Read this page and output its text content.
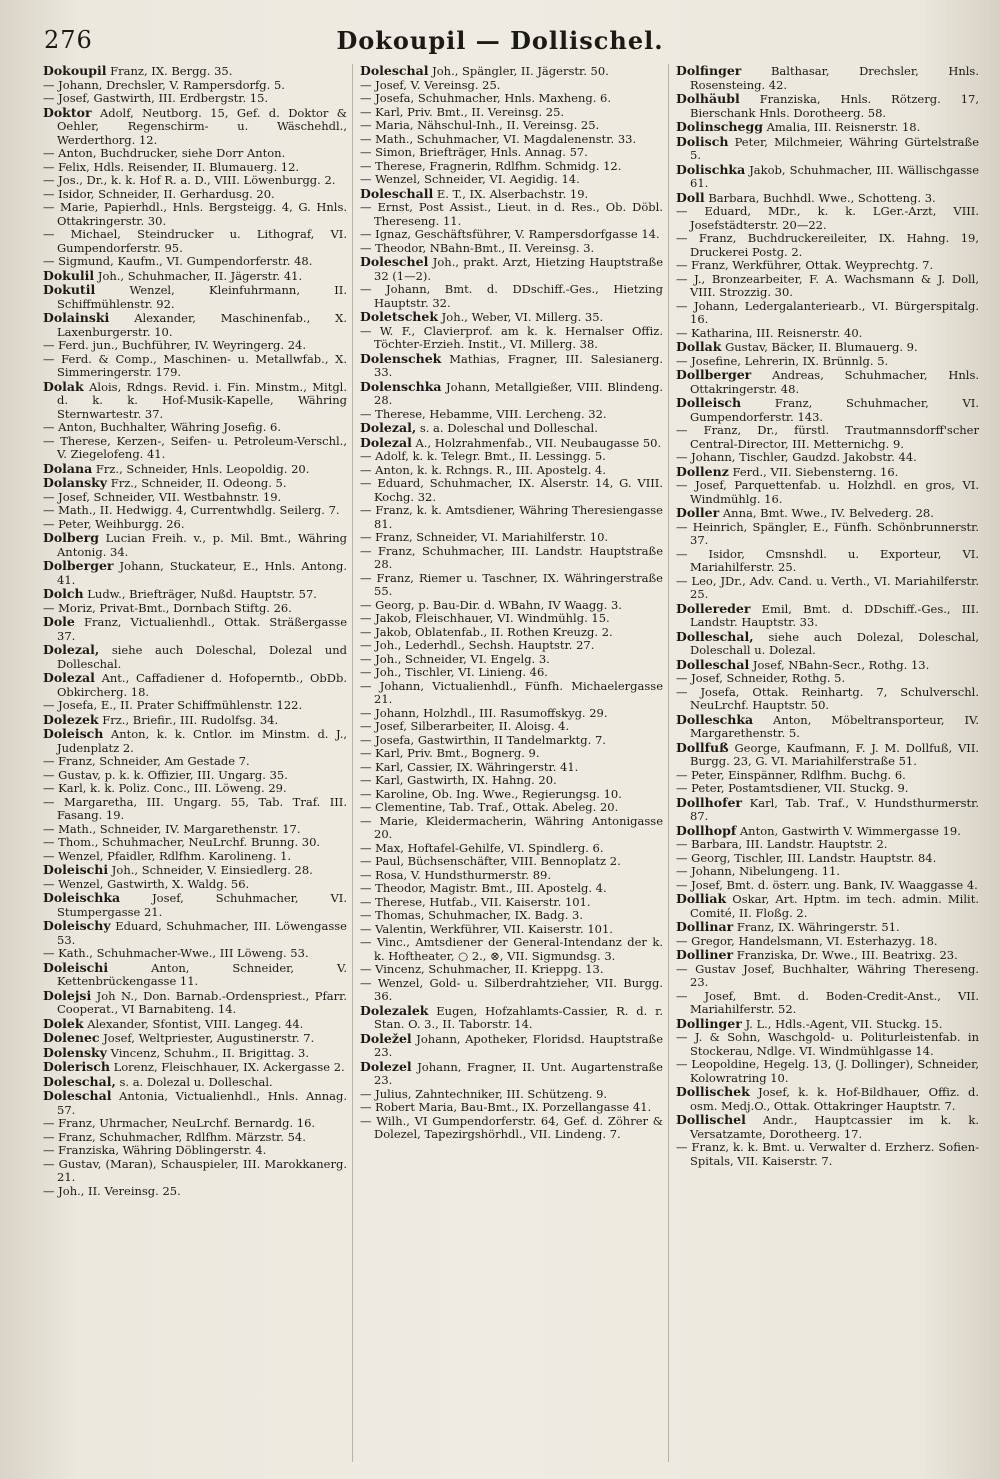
276	Dokoupil — Dollischel.
Dokoupil Franz, IX. Bergg. 35.
— Johann, Drechsler, V. Rampersdorfg. 5.
— Josef, Gastwirth, III. Erdbergstr. 15.
Doktor Adolf, Neutborg. 15, Gef. d. Doktor & Oehler, Regenschirm- u. Wäschehdl., Werderthorg. 12.
— Anton, Buchdrucker, siehe Dorr Anton.
— Felix, Hdls. Reisender, II. Blumauerg. 12.
— Jos., Dr., k. k. Hof R. a. D., VIII. Löwenburgg. 2.
— Isidor, Schneider, II. Gerhardusg. 20.
— Marie, Papierhdl., Hnls. Bergsteigg. 4, G. Hnls. Ottakringerstr. 30.
— Michael, Steindrucker u. Lithograf, VI. Gumpendorferstr. 95.
— Sigmund, Kaufm., VI. Gumpendorferstr. 48.
Dokulil Joh., Schuhmacher, II. Jägerstr. 41.
Dokutil	Wenzel, Kleinfuhrmann, II. Schiffmühlenstr. 92.
Dolainski Alexander, Maschinenfab., X. Laxenburgerstr. 10.
— Ferd. jun., Buchführer, IV. Weyringerg. 24.
— Ferd. & Comp., Maschinen- u. Metallwfab., X. Simmeringerstr. 179.
Dolak Alois, Rdngs. Revid. i. Fin. Minstm., Mitgl. d. k. k. Hof-Musik-Kapelle, Währing Sternwartestr. 37.
— Anton, Buchhalter, Währing Josefig. 6.
— Therese, Kerzen-, Seifen- u. Petroleum-Verschl., V. Ziegelofeng. 41.
Dolana Frz., Schneider, Hnls. Leopoldig. 20.
Dolansky Frz., Schneider, II. Odeong. 5.
— Josef, Schneider, VII. Westbahnstr. 19.
— Math., II. Hedwigg. 4, Currentwhdlg. Seilerg. 7.
— Peter, Weihburgg. 26.
Dolberg Lucian Freih. v., p. Mil. Bmt., Währing Antonig. 34.
Dolberger Johann, Stuckateur, E., Hnls. Antong. 41.
Dolch Ludw., Briefträger, Nußd. Hauptstr. 57.
— Moriz, Privat-Bmt., Dornbach Stiftg. 26.
Dole Franz, Victualienhdl., Ottak. Sträßergasse 37.
Dolezal, siehe auch Doleschal, Dolezal und Dolleschal.
Dolezal Ant., Caffadiener d. Hofoperntb., ObDb. Obkircherg. 18.
— Josefa, E., II. Prater Schiffmühlenstr. 122.
Dolezek Frz., Briefir., III. Rudolfsg. 34.
Doleisch Anton, k. k. Cntlor. im Minstm. d. J., Judenplatz 2.
— Franz, Schneider, Am Gestade 7.
— Gustav, p. k. k. Offizier, III. Ungarg. 35.
— Karl, k. k. Poliz. Conc., III. Löweng. 29.
— Margaretha, III. Ungarg. 55, Tab. Traf. III. Fasang. 19.
— Math., Schneider, IV. Margarethenstr. 17.
— Thom., Schuhmacher, NeuLrchf. Brunng. 30.
— Wenzel, Pfaidler, Rdlfhm. Karolineng. 1.
Doleischi Joh., Schneider, V. Einsiedlerg. 28.
— Wenzel, Gastwirth, X. Waldg. 56.
Doleischka	Josef, Schuhmacher, VI. Stumpergasse 21.
Doleischy Eduard, Schuhmacher, III. Löwengasse 53.
— Kath., Schuhmacher-Wwe., III Löweng. 53.
Doleischi	Anton, Schneider, V. Kettenbrückengasse 11.
Dolejsi Joh N., Don. Barnab.-Ordenspriest., Pfarr. Cooperat., VI Barnabiteng. 14.
Dolek Alexander, Sfontist, VIII. Langeg. 44.
Dolenec Josef, Weltpriester, Augustinerstr. 7.
Dolensky Vincenz, Schuhm., II. Brigittag. 3.
Dolerisch Lorenz, Fleischhauer, IX. Ackergasse 2.
Doleschal, s. a. Dolezal u. Dolleschal.
Doleschal Antonia, Victualienhdl., Hnls. Annag. 57.
— Franz, Uhrmacher, NeuLrchf. Bernardg. 16.
— Franz, Schuhmacher, Rdlfhm. Märzstr. 54.
— Franziska, Währing Döblingerstr. 4.
— Gustav, (Maran), Schauspieler, III. Marokkanerg. 21.
— Joh., II. Vereinsg. 25.
Doleschal Joh., Spängler, II. Jägerstr. 50.
— Josef, V. Vereinsg. 25.
— Josefa, Schuhmacher, Hnls. Maxheng. 6.
— Karl, Priv. Bmt., II. Vereinsg. 25.
— Maria, Nähschul-Inh., II. Vereinsg. 25.
— Math., Schuhmacher, VI. Magdalenenstr. 33.
— Simon, Briefträger, Hnls. Annag. 57.
— Therese, Fragnerin, Rdlfhm. Schmidg. 12.
— Wenzel, Schneider, VI. Aegidig. 14.
Doleschall E. T., IX. Alserbachstr. 19.
— Ernst, Post Assist., Lieut. in d. Res., Ob. Döbl. Thereseng. 11.
— Ignaz, Geschäftsführer, V. Rampersdorfgasse 14.
— Theodor, NBahn-Bmt., II. Vereinsg. 3.
Doleschel Joh., prakt. Arzt, Hietzing Hauptstraße 32 (1—2).
— Johann, Bmt. d. DDschiff.-Ges., Hietzing Hauptstr. 32.
Doletschek Joh., Weber, VI. Millerg. 35.
— W. F., Clavierprof. am k. k. Hernalser Offiz. Töchter-Erzieh. Instit., VI. Millerg. 38.
Dolenschek Mathias, Fragner, III. Salesianerg. 33.
Dolenschka Johann, Metallgießer, VIII. Blindeng. 28.
— Therese, Hebamme, VIII. Lercheng. 32.
Dolezal, s. a. Doleschal und Dolleschal.
Dolezal A., Holzrahmenfab., VII. Neubaugasse 50.
— Adolf, k. k. Telegr. Bmt., II. Lessingg. 5.
— Anton, k. k. Rchngs. R., III. Apostelg. 4.
— Eduard, Schuhmacher, IX. Alserstr. 14, G. VIII. Kochg. 32.
— Franz, k. k. Amtsdiener, Währing Theresiengasse 81.
— Franz, Schneider, VI. Mariahilferstr. 10.
— Franz, Schuhmacher, III. Landstr. Hauptstraße 28.
— Franz, Riemer u. Taschner, IX. Währingerstraße 55.
— Georg, p. Bau-Dir. d. WBahn, IV Waagg. 3.
— Jakob, Fleischhauer, VI. Windmühlg. 15.
— Jakob, Oblatenfab., II. Rothen Kreuzg. 2.
— Joh., Lederhdl., Sechsh. Hauptstr. 27.
— Joh., Schneider, VI. Engelg. 3.
— Joh., Tischler, VI. Linieng. 46.
— Johann, Victualienhdl., Fünfh. Michaelergasse 21.
— Johann, Holzhdl., III. Rasumoffskyg. 29.
— Josef, Silberarbeiter, II. Aloisg. 4.
— Josefa, Gastwirthin, II Tandelmarktg. 7.
— Karl, Priv. Bmt., Bognerg. 9.
— Karl, Cassier, IX. Währingerstr. 41.
— Karl, Gastwirth, IX. Hahng. 20.
— Karoline, Ob. Ing. Wwe., Regierungsg. 10.
— Clementine, Tab. Traf., Ottak. Abeleg. 20.
— Marie, Kleidermacherin, Währing Antonigasse 20.
— Max, Hoftafel-Gehilfe, VI. Spindlerg. 6.
— Paul, Büchsenschäfter, VIII. Bennoplatz 2.
— Rosa, V. Hundsthurmerstr. 89.
— Theodor, Magistr. Bmt., III. Apostelg. 4.
— Therese, Hutfab., VII. Kaiserstr. 101.
— Thomas, Schuhmacher, IX. Badg. 3.
— Valentin, Werkführer, VII. Kaiserstr. 101.
— Vinc., Amtsdiener der General-Intendanz der k. k. Hoftheater, ○ 2., ⊗, VII. Sigmundsg. 3.
— Vincenz, Schuhmacher, II. Krieppg. 13.
— Wenzel, Gold- u. Silberdrahtzieher, VII. Burgg. 36.
Dolezalek Eugen, Hofzahlamts-Cassier, R. d. r. Stan. O. 3., II. Taborstr. 14.
Doležel Johann, Apotheker, Floridsd. Hauptstraße 23.
Dolezel Johann, Fragner, II. Unt. Augartenstraße 23.
— Julius, Zahntechniker, III. Schützeng. 9.
— Robert Maria, Bau-Bmt., IX. Porzellangasse 41.
— Wilh., VI Gumpendorferstr. 64, Gef. d. Zöhrer & Dolezel, Tapezirgshörhdl., VII. Lindeng. 7.
Dolfinger	Balthasar, Drechsler, Hnls. Rosensteing. 42.
Dolhäubl Franziska, Hnls. Rötzerg. 17, Bierschank Hnls. Dorotheerg. 58.
Dolinschegg Amalia, III. Reisnerstr. 18.
Dolisch Peter, Milchmeier, Währing Gürtelstraße 5.
Dolischka Jakob, Schuhmacher, III. Wällischgasse 61.
Doll Barbara, Buchhdl. Wwe., Schotteng. 3.
— Eduard, MDr., k. k. LGer.-Arzt, VIII. Josefstädterstr. 20—22.
— Franz, Buchdruckereileiter, IX. Hahng. 19, Druckerei Postg. 2.
— Franz, Werkführer, Ottak. Weyprechtg. 7.
— J., Bronzearbeiter, F. A. Wachsmann & J. Doll, VIII. Strozzig. 30.
— Johann, Ledergalanteriearb., VI. Bürgerspitalg. 16.
— Katharina, III. Reisnerstr. 40.
Dollak Gustav, Bäcker, II. Blumauerg. 9.
— Josefine, Lehrerin, IX. Brünnlg. 5.
Dollberger Andreas, Schuhmacher, Hnls. Ottakringerstr. 48.
Dolleisch	Franz, Schuhmacher, VI. Gumpendorferstr. 143.
— Franz, Dr., fürstl. Trautmannsdorff'scher Central-Director, III. Metternichg. 9.
— Johann, Tischler, Gaudzd. Jakobstr. 44.
Dollenz Ferd., VII. Siebensterng. 16.
— Josef, Parquettenfab. u. Holzhdl. en gros, VI. Windmühlg. 16.
Doller Anna, Bmt. Wwe., IV. Belvederg. 28.
— Heinrich, Spängler, E., Fünfh. Schönbrunnerstr. 37.
— Isidor, Cmsnshdl. u. Exporteur, VI. Mariahilferstr. 25.
— Leo, JDr., Adv. Cand. u. Verth., VI. Mariahilferstr. 25.
Dollereder Emil, Bmt. d. DDschiff.-Ges., III. Landstr. Hauptstr. 33.
Dolleschal, siehe auch Dolezal, Doleschal, Doleschall u. Dolezal.
Dolleschal Josef, NBahn-Secr., Rothg. 13.
— Josef, Schneider, Rothg. 5.
— Josefa, Ottak. Reinhartg. 7, Schulverschl. NeuLrchf. Hauptstr. 50.
Dolleschka Anton, Möbeltransporteur, IV. Margarethenstr. 5.
Dollfuß George, Kaufmann, F. J. M. Dollfuß, VII. Burgg. 23, G. VI. Mariahilferstraße 51.
— Peter, Einspänner, Rdlfhm. Buchg. 6.
— Peter, Postamtsdiener, VII. Stuckg. 9.
Dollhofer Karl, Tab. Traf., V. Hundsthurmerstr. 87.
Dollhopf Anton, Gastwirth V. Wimmergasse 19.
— Barbara, III. Landstr. Hauptstr. 2.
— Georg, Tischler, III. Landstr. Hauptstr. 84.
— Johann, Nibelungeng. 11.
— Josef, Bmt. d. österr. ung. Bank, IV. Waaggasse 4.
Dolliak Oskar, Art. Hptm. im tech. admin. Milit. Comité, II. Floßg. 2.
Dollinar Franz, IX. Währingerstr. 51.
— Gregor, Handelsmann, VI. Esterhazyg. 18.
Dolliner Franziska, Dr. Wwe., III. Beatrixg. 23.
— Gustav Josef, Buchhalter, Währing Thereseng. 23.
— Josef, Bmt. d. Boden-Credit-Anst., VII. Mariahilferstr. 52.
Dollinger J. L., Hdls.-Agent, VII. Stuckg. 15.
— J. & Sohn, Waschgold- u. Politurleistenfab. in Stockerau, Ndlge. VI. Windmühlgasse 14.
— Leopoldine, Hegelg. 13, (J. Dollinger), Schneider, Kolowratring 10.
Dollischek Josef, k. k. Hof-Bildhauer, Offiz. d. osm. Medj.O., Ottak. Ottakringer Hauptstr. 7.
Dollischel Andr., Hauptcassier im k. k. Versatzamte, Dorotheerg. 17.
— Franz, k. k. Bmt. u. Verwalter d. Erzherz. Sofien-Spitals, VII. Kaiserstr. 7.
